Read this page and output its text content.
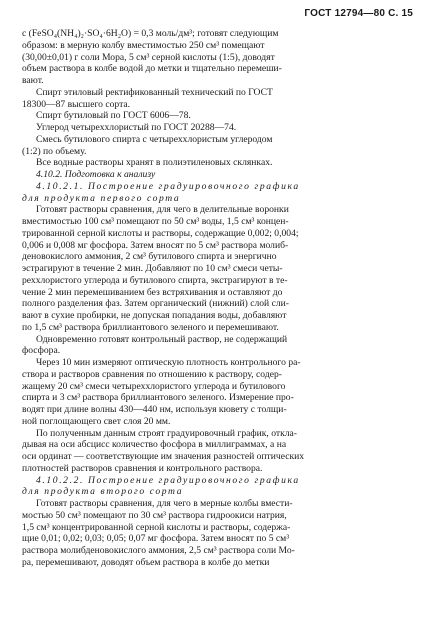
ГОСТ 12794—80 С. 15

c (FeSO₄(NH₄)₂·SO₄·6H₂O) = 0,3 моль/дм³; готовят следующим
образом: в мерную колбу вместимостью 250 см³ помещают
(30,00±0,01) г соли Мора, 5 см³ серной кислоты (1:5), доводят
объем раствора в колбе водой до метки и тщательно перемеши-
вают.

Спирт этиловый ректификованный технический по ГОСТ
18300—87 высшего сорта.

Спирт бутиловый по ГОСТ 6006—78.

Углерод четыреххлористый по ГОСТ 20288—74.

Смесь бутилового спирта с четыреххлористым углеродом
(1:2) по объему.

Все водные растворы хранят в полиэтиленовых склянках.

4.10.2. Подготовка к анализу

4.10.2.1. Построение градуировочного графика
для продукта первого сорта

Готовят растворы сравнения, для чего в делительные воронки
вместимостью 100 см³ помещают по 50 см³ воды, 1,5 см³ концен-
трированной серной кислоты и растворы, содержащие 0,002; 0,004;
0,006 и 0,008 мг фосфора. Затем вносят по 5 см³ раствора молиб-
деновокислого аммония, 2 см³ бутилового спирта и энергично
эстрагируют в течение 2 мин. Добавляют по 10 см³ смеси четы-
реххлористого углерода и бутилового спирта, экстрагируют в те-
чение 2 мин перемешиванием без встряхивания и оставляют до
полного разделения фаз. Затем органический (нижний) слой сли-
вают в сухие пробирки, не допуская попадания воды, добавляют
по 1,5 см³ раствора бриллиантового зеленого и перемешивают.

Одновременно готовят контрольный раствор, не содержащий
фосфора.

Через 10 мин измеряют оптическую плотность контрольного ра-
створа и растворов сравнения по отношению к раствору, содер-
жащему 20 см³ смеси четыреххлористого углерода и бутилового
спирта и 3 см³ раствора бриллиантового зеленого. Измерение про-
водят при длине волны 430—440 нм, используя кювету с толщи-
ной поглощающего свет слоя 20 мм.

По полученным данным строят градуировочный график, откла-
дывая на оси абсцисс количество фосфора в миллиграммах, а на
оси ординат — соответствующие им значения разностей оптических
плотностей растворов сравнения и контрольного раствора.

4.10.2.2. Построение градуировочного графика
для продукта второго сорта

Готовят растворы сравнения, для чего в мерные колбы вмести-
мостью 50 см³ помещают по 30 см³ раствора гидроокиси натрия,
1,5 см³ концентрированной серной кислоты и растворы, содержа-
щие 0,01; 0,02; 0,03; 0,05; 0,07 мг фосфора. Затем вносят по 5 см³
раствора молибденовокислого аммония, 2,5 см³ раствора соли Мо-
ра, перемешивают, доводят объем раствора в колбе до метки
